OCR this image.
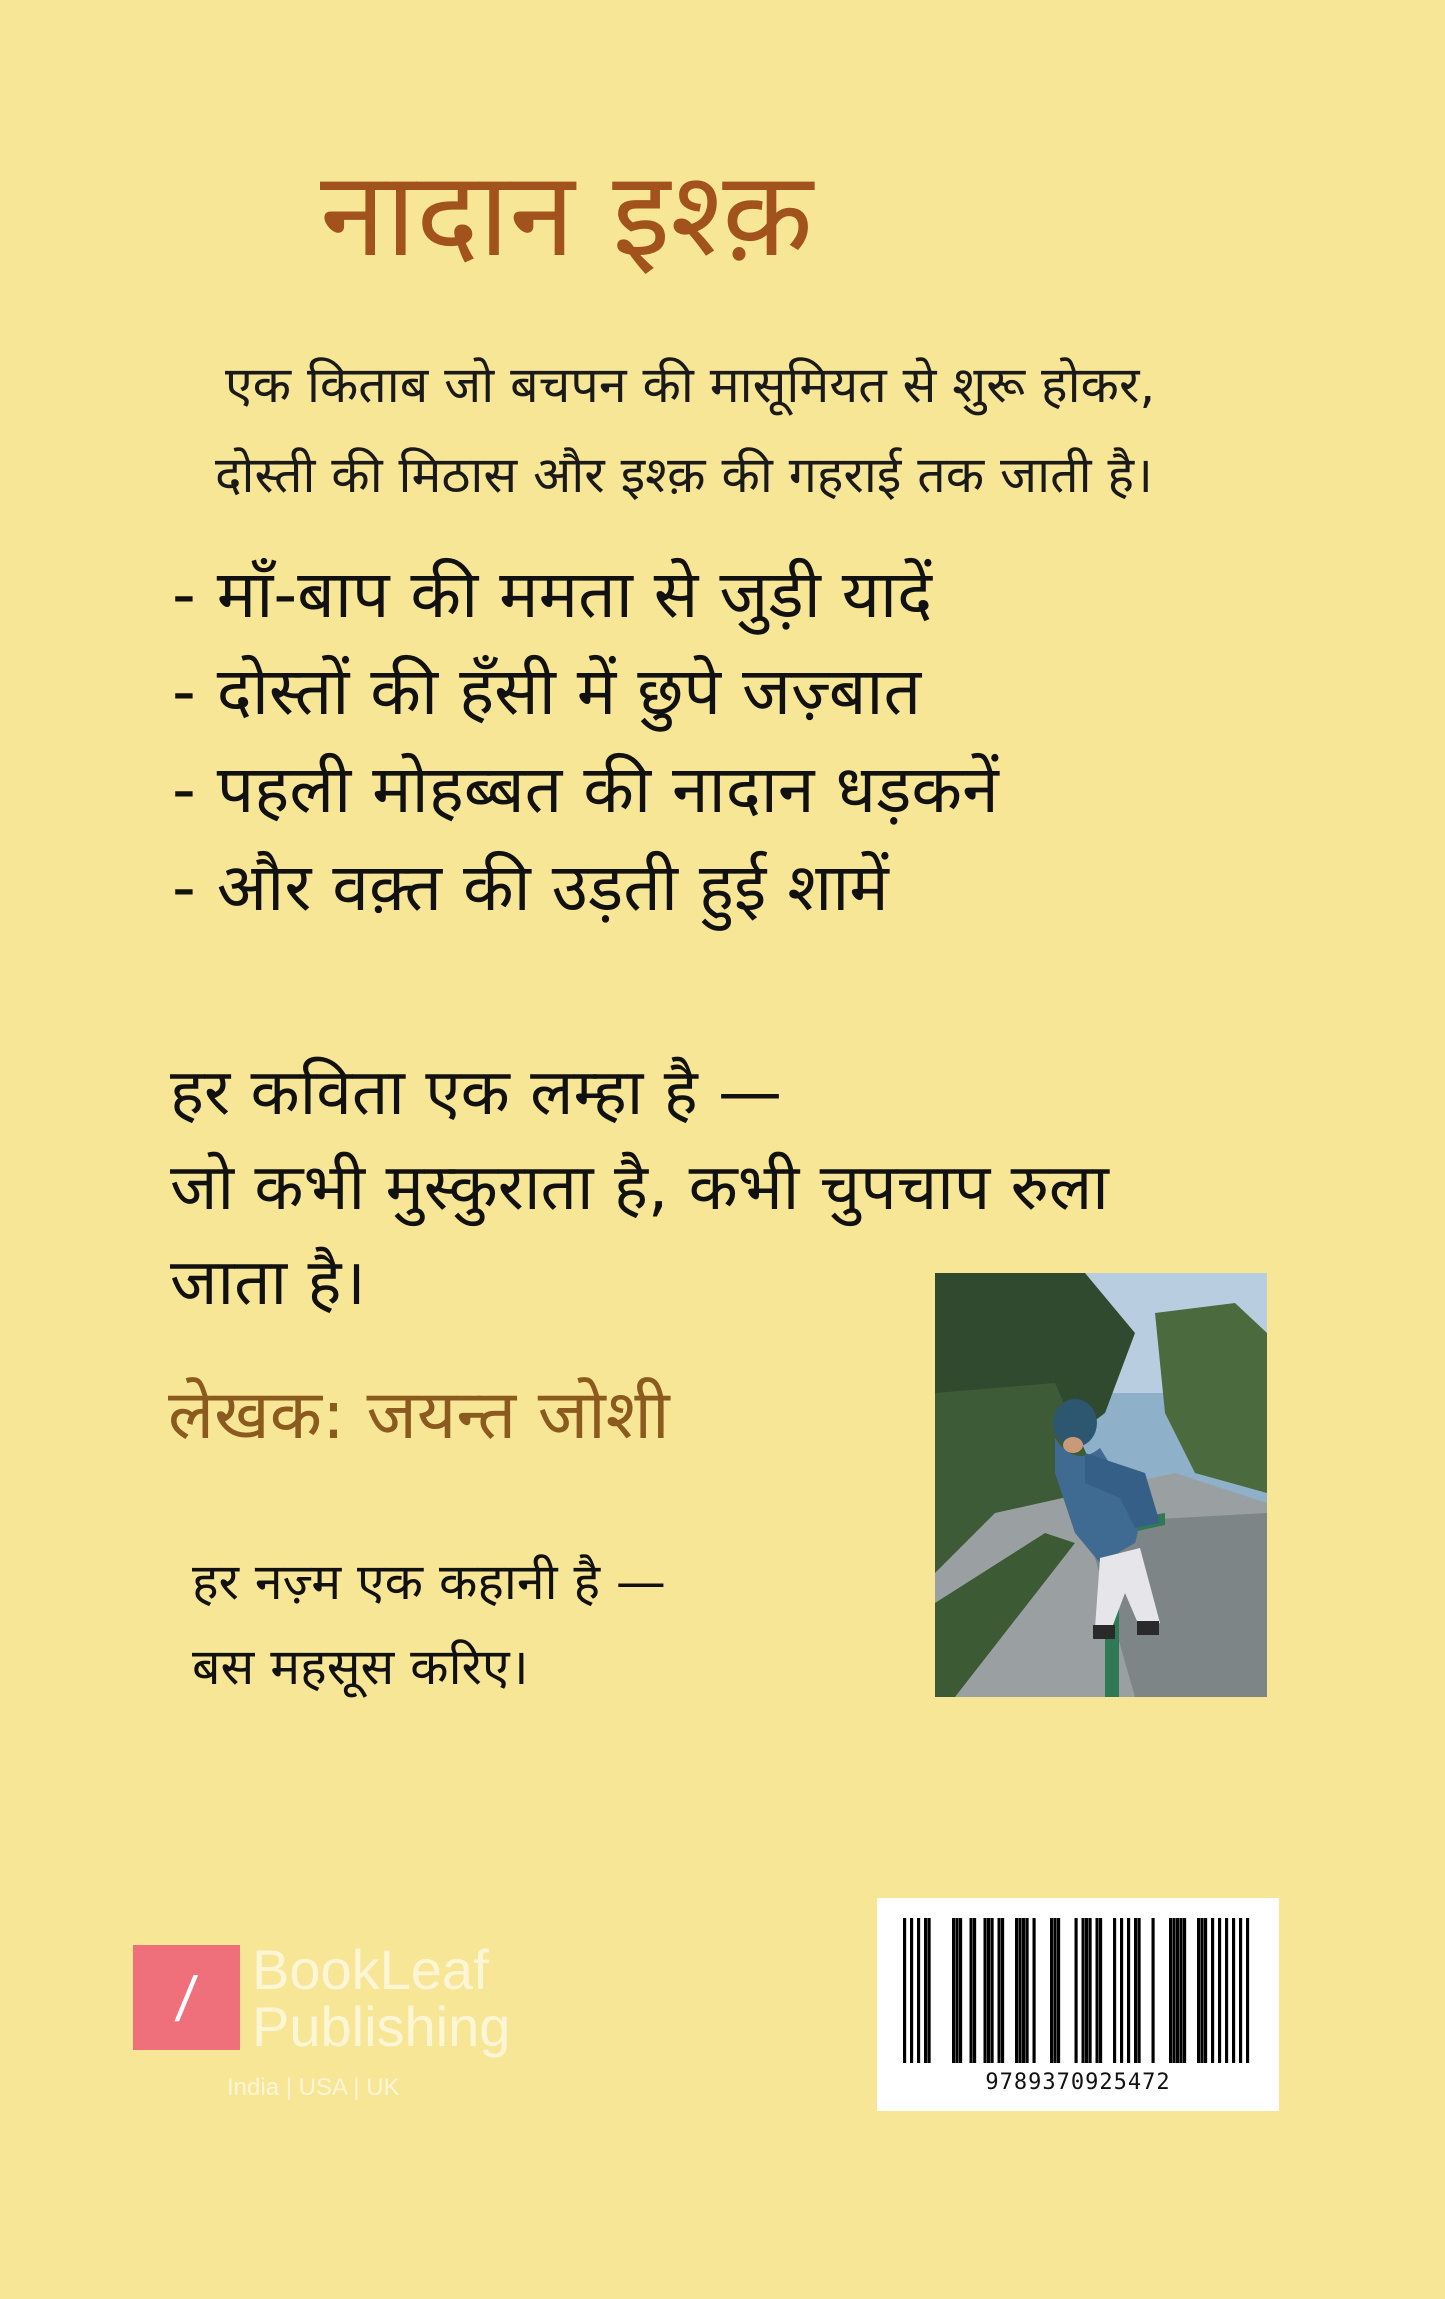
नादान इश्क़
एक किताब जो बचपन की मासूमियत से शुरू होकर,
दोस्ती की मिठास और इश्क़ की गहराई तक जाती है।
- माँ-बाप की ममता से जुड़ी यादें
- दोस्तों की हँसी में छुपे जज़्बात
- पहली मोहब्बत की नादान धड़कनें
- और वक़्त की उड़ती हुई शामें
हर कविता एक लम्हा है —
जो कभी मुस्कुराता है, कभी चुपचाप रुला
जाता है।
लेखक: जयन्त जोशी
हर नज़्म एक कहानी है —
बस महसूस करिए।
/ BookLeaf
Publishing
India | USA | UK	9789370925472
